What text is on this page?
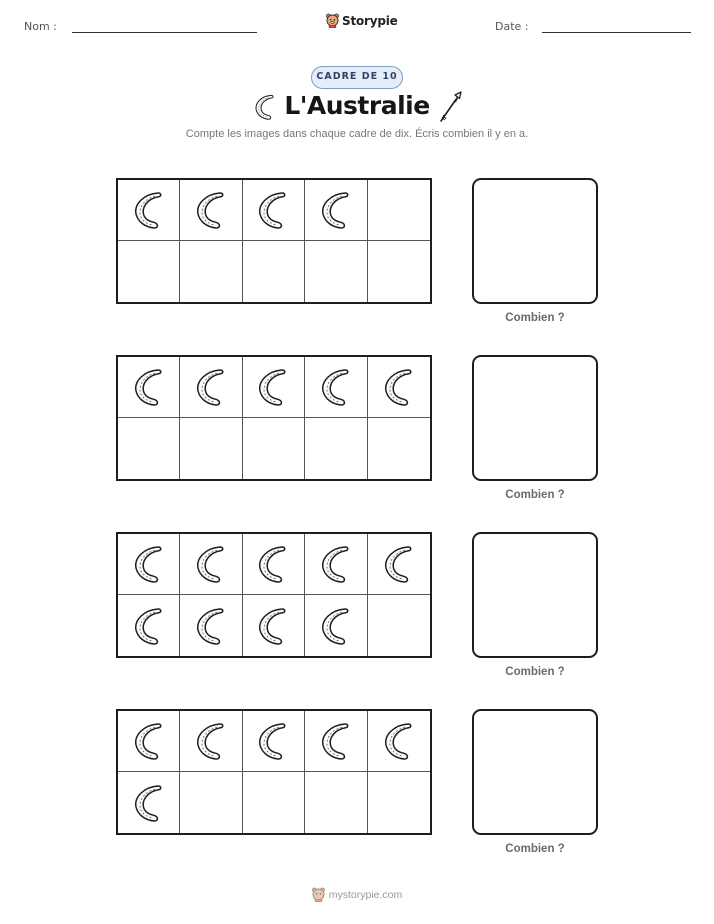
Nom :	Storypie	Date :
CADRE DE 10
L'Australie
Compte les images dans chaque cadre de dix. Écris combien il y en a.
Combien ?
Combien ?
Combien ?
Combien ?
mystorypie.com
